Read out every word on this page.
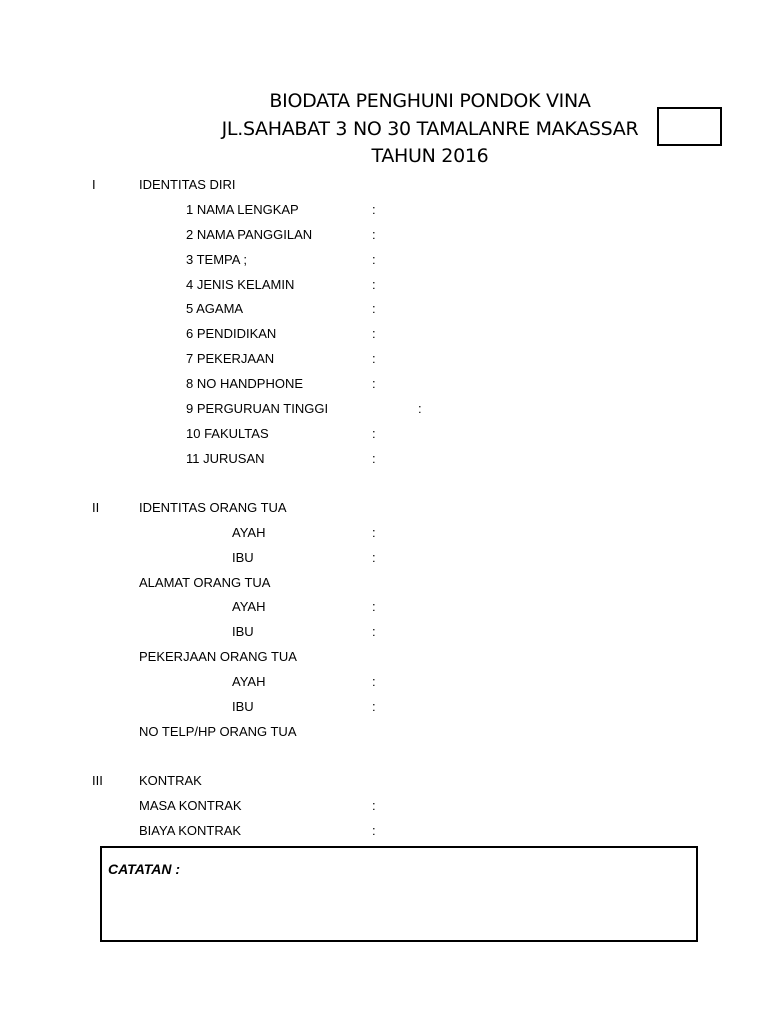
BIODATA PENGHUNI PONDOK VINA
JL.SAHABAT 3 NO 30 TAMALANRE MAKASSAR
TAHUN 2016
I	IDENTITAS DIRI
1 NAMA LENGKAP	:
2 NAMA PANGGILAN	:
3 TEMPA ;	:
4 JENIS KELAMIN	:
5 AGAMA	:
6 PENDIDIKAN	:
7 PEKERJAAN	:
8 NO HANDPHONE	:
9 PERGURUAN TINGGI	:
10 FAKULTAS	:
11 JURUSAN	:
II	IDENTITAS ORANG TUA
AYAH	:
IBU	:
ALAMAT ORANG TUA
AYAH	:
IBU	:
PEKERJAAN ORANG TUA
AYAH	:
IBU	:
NO TELP/HP ORANG TUA
III	KONTRAK
MASA KONTRAK	:
BIAYA KONTRAK	:
CATATAN :
